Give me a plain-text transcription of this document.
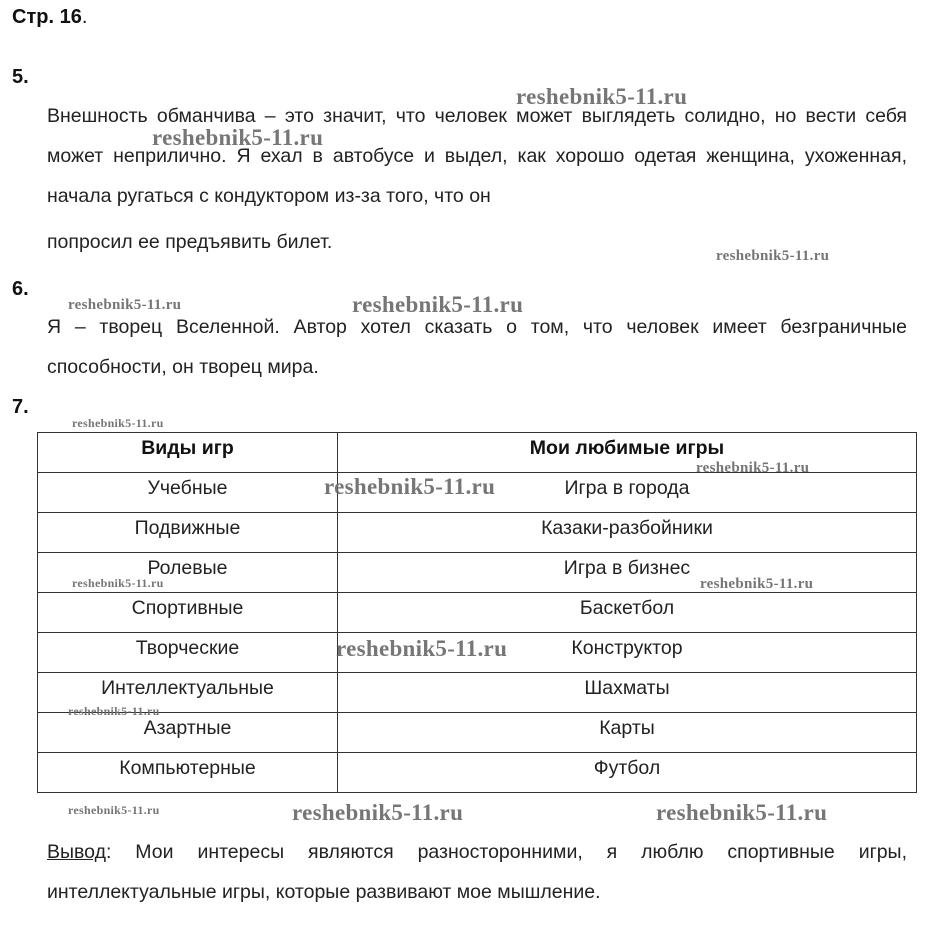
Стр. 16.
5.

Внешность обманчива – это значит, что человек может выглядеть солидно, но вести себя может неприлично. Я ехал в автобусе и выдел, как хорошо одетая женщина, ухоженная, начала ругаться с кондуктором из-за того, что он

попросил ее предъявить билет.

6.

Я – творец Вселенной. Автор хотел сказать о том, что человек имеет безграничные способности, он творец мира.

7.
Виды игр	Мои любимые игры
Учебные	Игра в города
Подвижные	Казаки-разбойники
Ролевые	Игра в бизнес
Спортивные	Баскетбол
Творческие	Конструктор
Интеллектуальные	Шахматы
Азартные	Карты
Компьютерные	Футбол
Вывод: Мои интересы являются разносторонними, я люблю спортивные игры, интеллектуальные игры, которые развивают мое мышление.
reshebnik5-11.ru
reshebnik5-11.ru
reshebnik5-11.ru
reshebnik5-11.ru	reshebnik5-11.ru
reshebnik5-11.ru
reshebnik5-11.ru
reshebnik5-11.ru
reshebnik5-11.ru	reshebnik5-11.ru
reshebnik5-11.ru
reshebnik5-11.ru
reshebnik5-11.ru	reshebnik5-11.ru	reshebnik5-11.ru
